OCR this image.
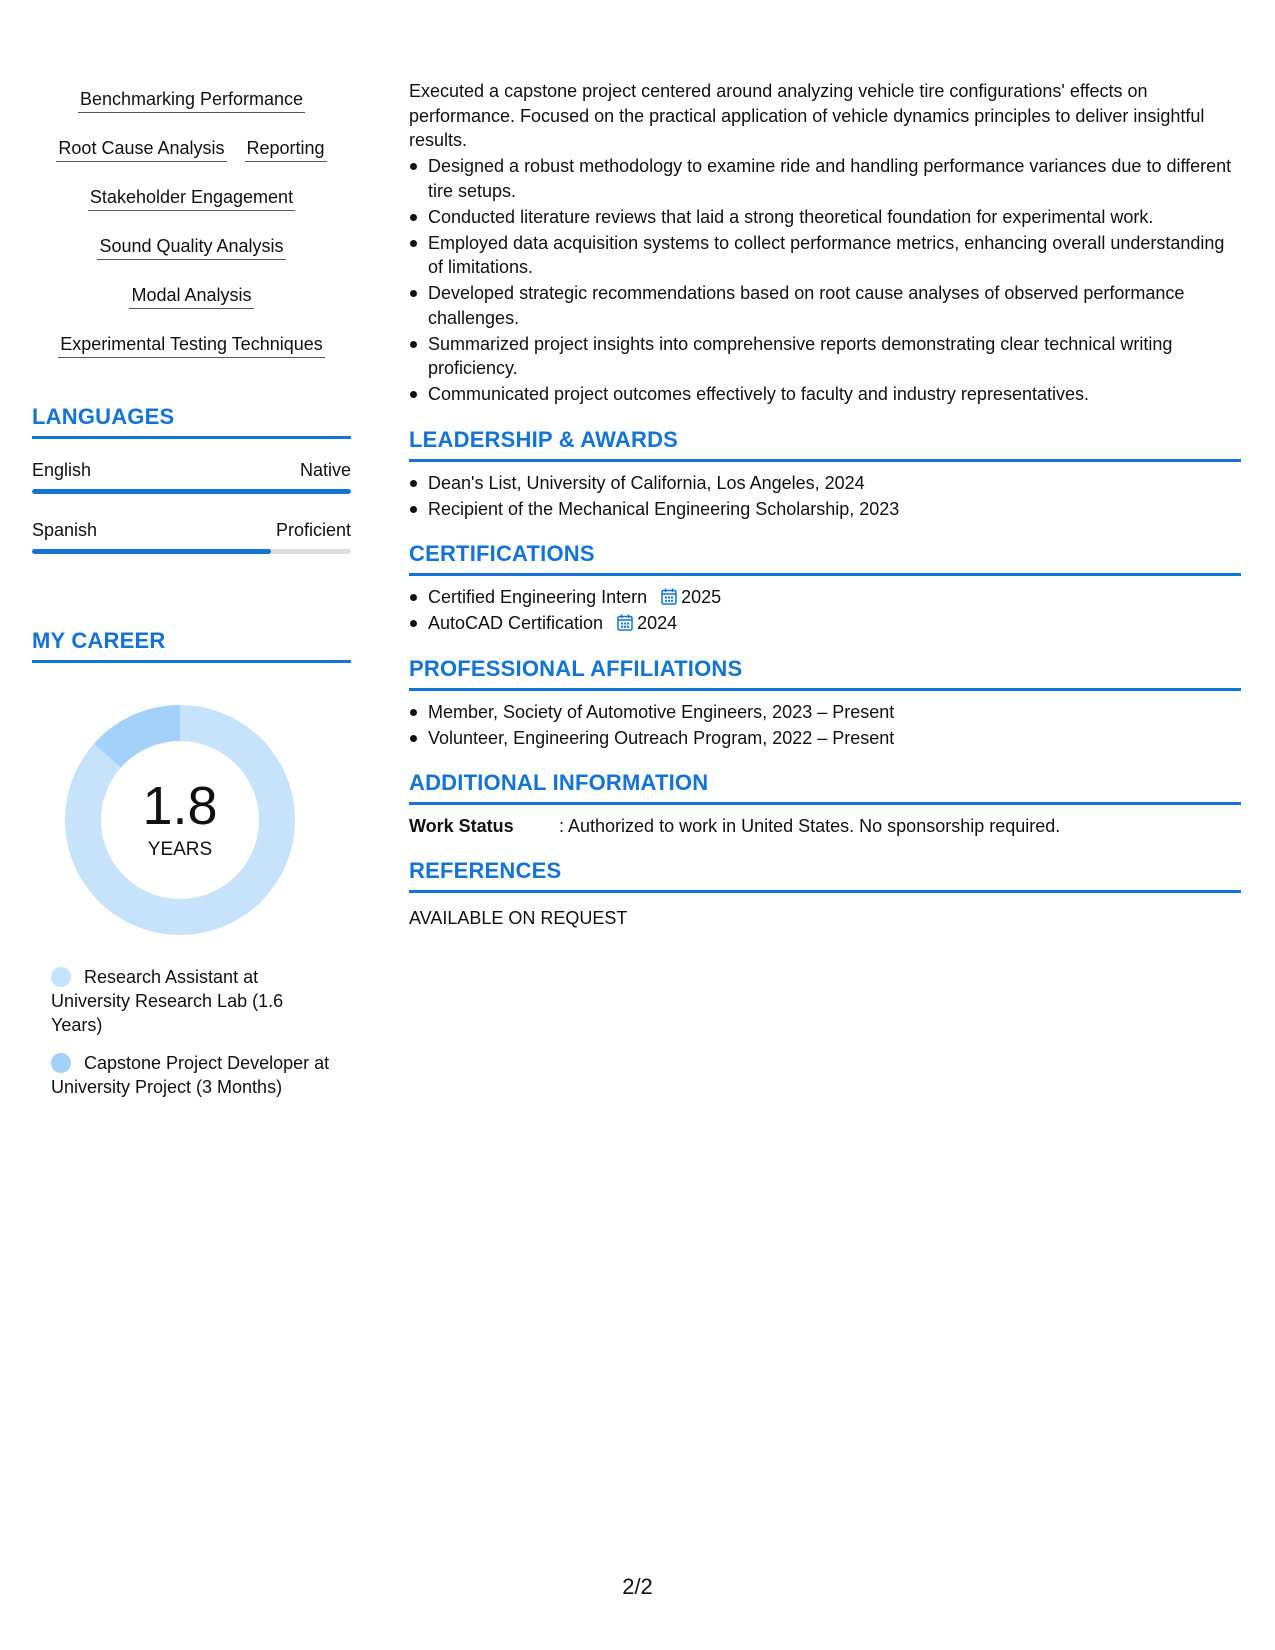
Benchmarking Performance
Root Cause Analysis Reporting
Stakeholder Engagement
Sound Quality Analysis
Modal Analysis
Experimental Testing Techniques
LANGUAGES
English	Native
Spanish	Proficient
MY CAREER
1.8
YEARS
Research Assistant at University Research Lab (1.6 Years)
Capstone Project Developer at University Project (3 Months)

Executed a capstone project centered around analyzing vehicle tire configurations' effects on performance. Focused on the practical application of vehicle dynamics principles to deliver insightful results.

Designed a robust methodology to examine ride and handling performance variances due to different tire setups.
Conducted literature reviews that laid a strong theoretical foundation for experimental work.
Employed data acquisition systems to collect performance metrics, enhancing overall understanding of limitations.
Developed strategic recommendations based on root cause analyses of observed performance challenges.
Summarized project insights into comprehensive reports demonstrating clear technical writing proficiency.
Communicated project outcomes effectively to faculty and industry representatives.
LEADERSHIP & AWARDS
Dean's List, University of California, Los Angeles, 2024
Recipient of the Mechanical Engineering Scholarship, 2023
CERTIFICATIONS
Certified Engineering Intern 2025
AutoCAD Certification 2024
PROFESSIONAL AFFILIATIONS
Member, Society of Automotive Engineers, 2023 – Present
Volunteer, Engineering Outreach Program, 2022 – Present
ADDITIONAL INFORMATION
Work Status	: Authorized to work in United States. No sponsorship required.
REFERENCES
AVAILABLE ON REQUEST
2/2
